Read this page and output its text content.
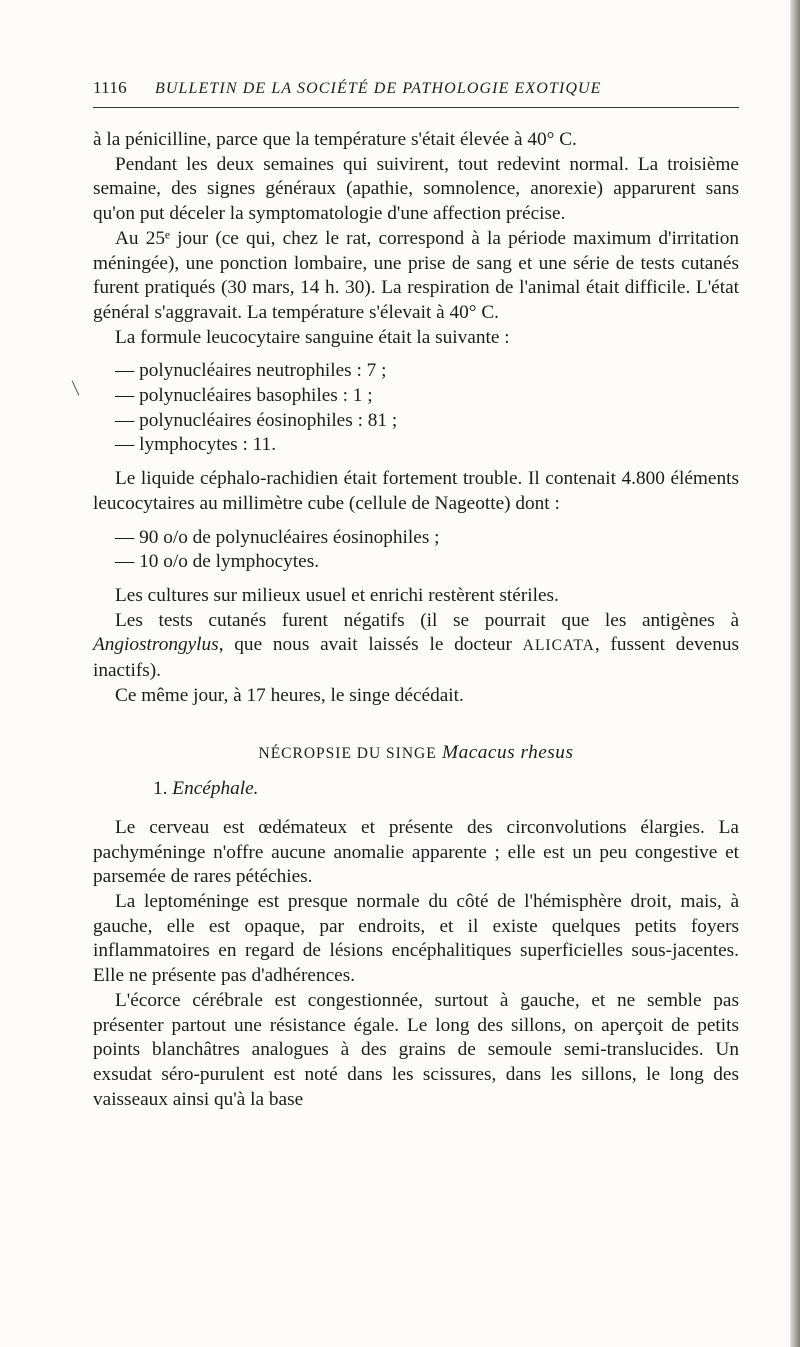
1116	BULLETIN DE LA SOCIÉTÉ DE PATHOLOGIE EXOTIQUE

à la pénicilline, parce que la température s'était élevée à 40° C.

Pendant les deux semaines qui suivirent, tout redevint normal. La troisième semaine, des signes généraux (apathie, somnolence, anorexie) apparurent sans qu'on put déceler la symptomatologie d'une affection précise.

Au 25ᵉ jour (ce qui, chez le rat, correspond à la période maximum d'irritation méningée), une ponction lombaire, une prise de sang et une série de tests cutanés furent pratiqués (30 mars, 14 h. 30). La respiration de l'animal était difficile. L'état général s'aggravait. La température s'élevait à 40° C.

La formule leucocytaire sanguine était la suivante :

— polynucléaires neutrophiles : 7 ;
— polynucléaires basophiles : 1 ;
— polynucléaires éosinophiles : 81 ;
— lymphocytes : 11.

Le liquide céphalo-rachidien était fortement trouble. Il contenait 4.800 éléments leucocytaires au millimètre cube (cellule de Nageotte) dont :

— 90 o/o de polynucléaires éosinophiles ;
— 10 o/o de lymphocytes.

Les cultures sur milieux usuel et enrichi restèrent stériles.

Les tests cutanés furent négatifs (il se pourrait que les antigènes à Angiostrongylus, que nous avait laissés le docteur ALICATA, fussent devenus inactifs).

Ce même jour, à 17 heures, le singe décédait.

NÉCROPSIE DU SINGE Macacus rhesus
1. Encéphale.

Le cerveau est œdémateux et présente des circonvolutions élargies. La pachyméninge n'offre aucune anomalie apparente ; elle est un peu congestive et parsemée de rares pétéchies.

La leptoméninge est presque normale du côté de l'hémisphère droit, mais, à gauche, elle est opaque, par endroits, et il existe quelques petits foyers inflammatoires en regard de lésions encéphalitiques superficielles sous-jacentes. Elle ne présente pas d'adhérences.

L'écorce cérébrale est congestionnée, surtout à gauche, et ne semble pas présenter partout une résistance égale. Le long des sillons, on aperçoit de petits points blanchâtres analogues à des grains de semoule semi-translucides. Un exsudat séro-purulent est noté dans les scissures, dans les sillons, le long des vaisseaux ainsi qu'à la base
